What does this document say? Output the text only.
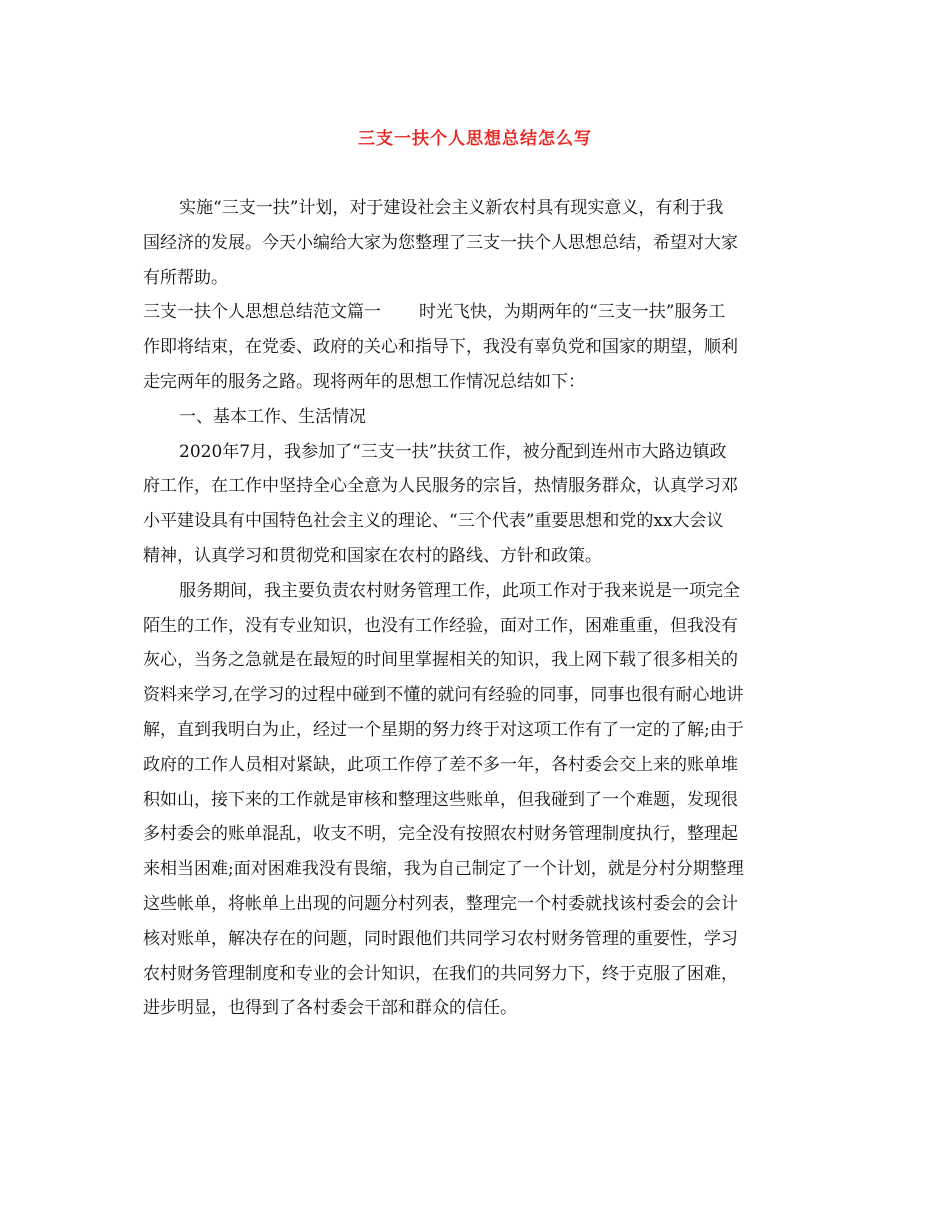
三支一扶个人思想总结怎么写
实施“三支一扶”计划，对于建设社会主义新农村具有现实意义，有利于我
国经济的发展。今天小编给大家为您整理了三支一扶个人思想总结，希望对大家
有所帮助。
三支一扶个人思想总结范文篇一 时光飞快，为期两年的“三支一扶”服务工
作即将结束，在党委、政府的关心和指导下，我没有辜负党和国家的期望，顺利
走完两年的服务之路。现将两年的思想工作情况总结如下：
一、基本工作、生活情况
2020年7月，我参加了“三支一扶”扶贫工作，被分配到连州市大路边镇政
府工作，在工作中坚持全心全意为人民服务的宗旨，热情服务群众，认真学习邓
小平建设具有中国特色社会主义的理论、“三个代表”重要思想和党的xx大会议
精神，认真学习和贯彻党和国家在农村的路线、方针和政策。
服务期间，我主要负责农村财务管理工作，此项工作对于我来说是一项完全
陌生的工作，没有专业知识，也没有工作经验，面对工作，困难重重，但我没有
灰心，当务之急就是在最短的时间里掌握相关的知识，我上网下载了很多相关的
资料来学习,在学习的过程中碰到不懂的就问有经验的同事，同事也很有耐心地讲
解，直到我明白为止，经过一个星期的努力终于对这项工作有了一定的了解;由于
政府的工作人员相对紧缺，此项工作停了差不多一年，各村委会交上来的账单堆
积如山，接下来的工作就是审核和整理这些账单，但我碰到了一个难题，发现很
多村委会的账单混乱，收支不明，完全没有按照农村财务管理制度执行，整理起
来相当困难;面对困难我没有畏缩，我为自己制定了一个计划，就是分村分期整理
这些帐单，将帐单上出现的问题分村列表，整理完一个村委就找该村委会的会计
核对账单，解决存在的问题，同时跟他们共同学习农村财务管理的重要性，学习
农村财务管理制度和专业的会计知识，在我们的共同努力下，终于克服了困难，
进步明显，也得到了各村委会干部和群众的信任。
